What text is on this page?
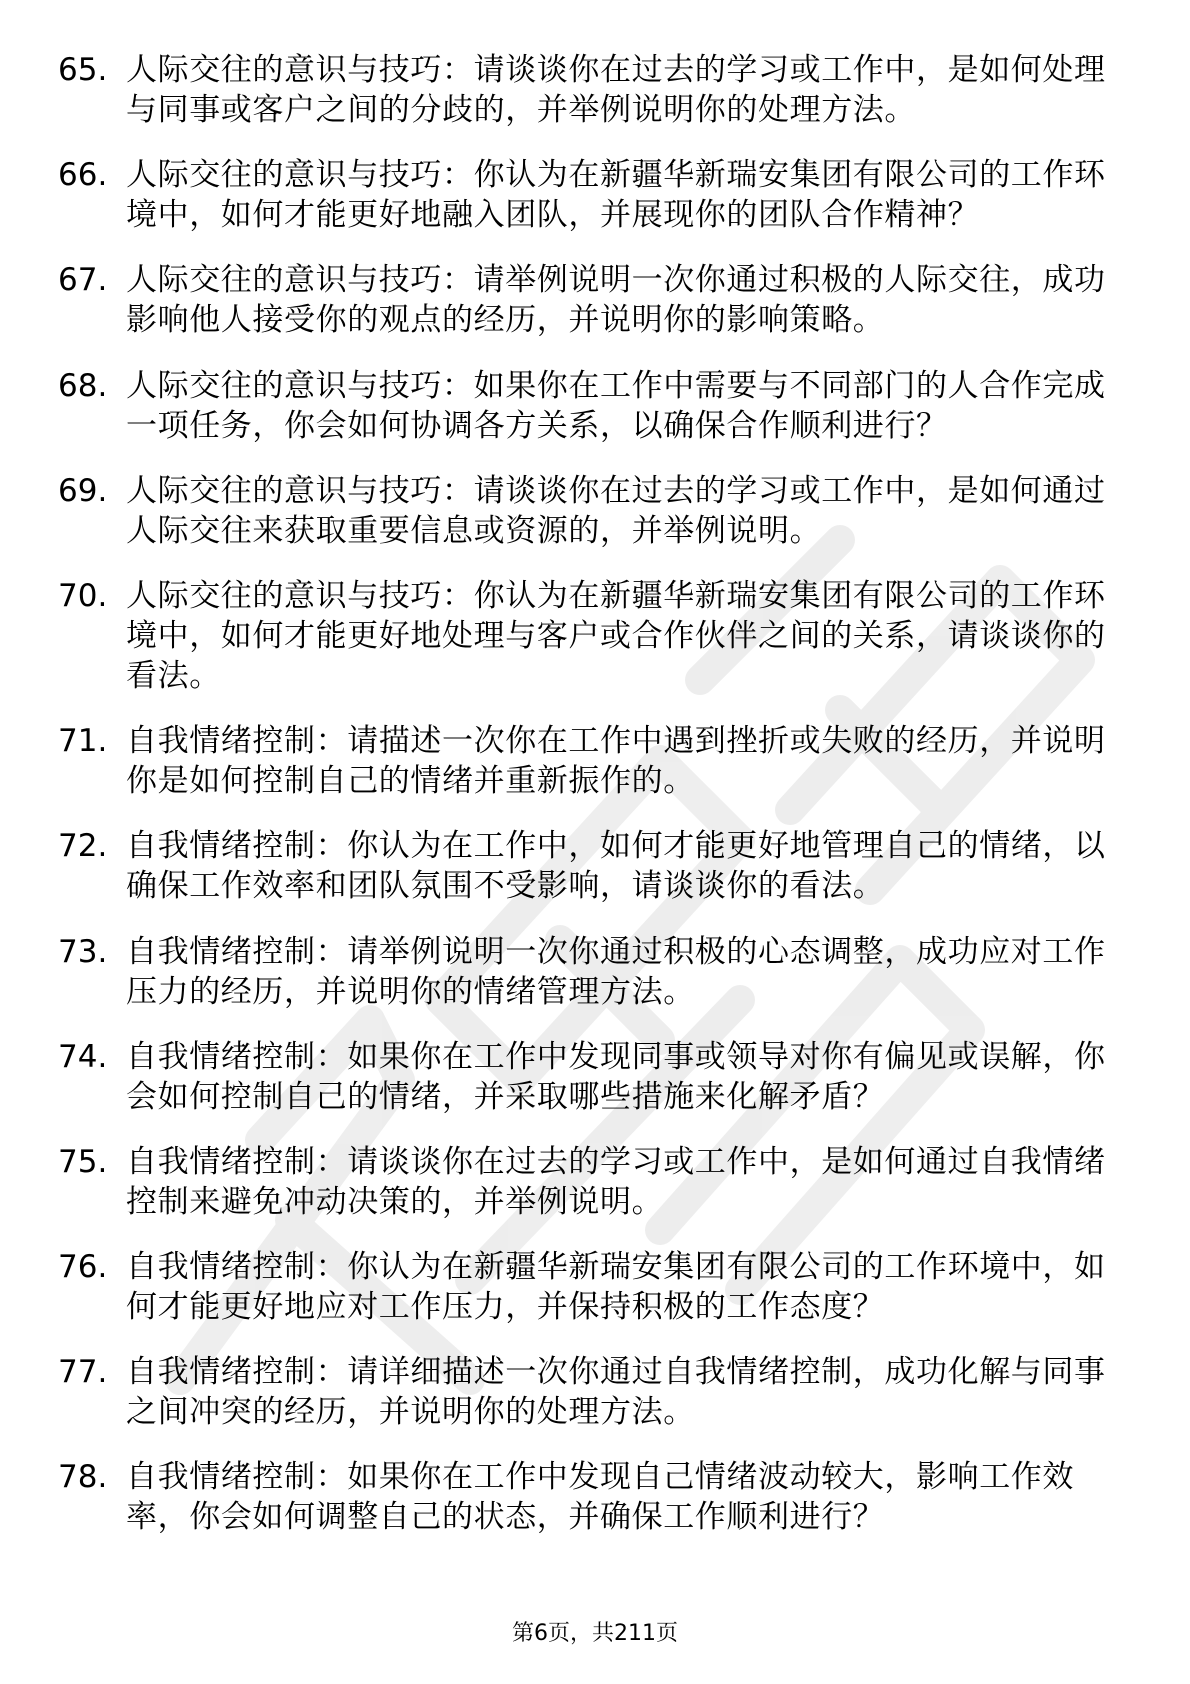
65. 人际交往的意识与技巧：请谈谈你在过去的学习或工作中，是如何处理与同事或客户之间的分歧的，并举例说明你的处理方法。
66. 人际交往的意识与技巧：你认为在新疆华新瑞安集团有限公司的工作环境中，如何才能更好地融入团队，并展现你的团队合作精神？
67. 人际交往的意识与技巧：请举例说明一次你通过积极的人际交往，成功影响他人接受你的观点的经历，并说明你的影响策略。
68. 人际交往的意识与技巧：如果你在工作中需要与不同部门的人合作完成一项任务，你会如何协调各方关系，以确保合作顺利进行？
69. 人际交往的意识与技巧：请谈谈你在过去的学习或工作中，是如何通过人际交往来获取重要信息或资源的，并举例说明。
70. 人际交往的意识与技巧：你认为在新疆华新瑞安集团有限公司的工作环境中，如何才能更好地处理与客户或合作伙伴之间的关系，请谈谈你的看法。
71. 自我情绪控制：请描述一次你在工作中遇到挫折或失败的经历，并说明你是如何控制自己的情绪并重新振作的。
72. 自我情绪控制：你认为在工作中，如何才能更好地管理自己的情绪，以确保工作效率和团队氛围不受影响，请谈谈你的看法。
73. 自我情绪控制：请举例说明一次你通过积极的心态调整，成功应对工作压力的经历，并说明你的情绪管理方法。
74. 自我情绪控制：如果你在工作中发现同事或领导对你有偏见或误解，你会如何控制自己的情绪，并采取哪些措施来化解矛盾？
75. 自我情绪控制：请谈谈你在过去的学习或工作中，是如何通过自我情绪控制来避免冲动决策的，并举例说明。
76. 自我情绪控制：你认为在新疆华新瑞安集团有限公司的工作环境中，如何才能更好地应对工作压力，并保持积极的工作态度？
77. 自我情绪控制：请详细描述一次你通过自我情绪控制，成功化解与同事之间冲突的经历，并说明你的处理方法。
78. 自我情绪控制：如果你在工作中发现自己情绪波动较大，影响工作效率，你会如何调整自己的状态，并确保工作顺利进行？
第6页，共211页
